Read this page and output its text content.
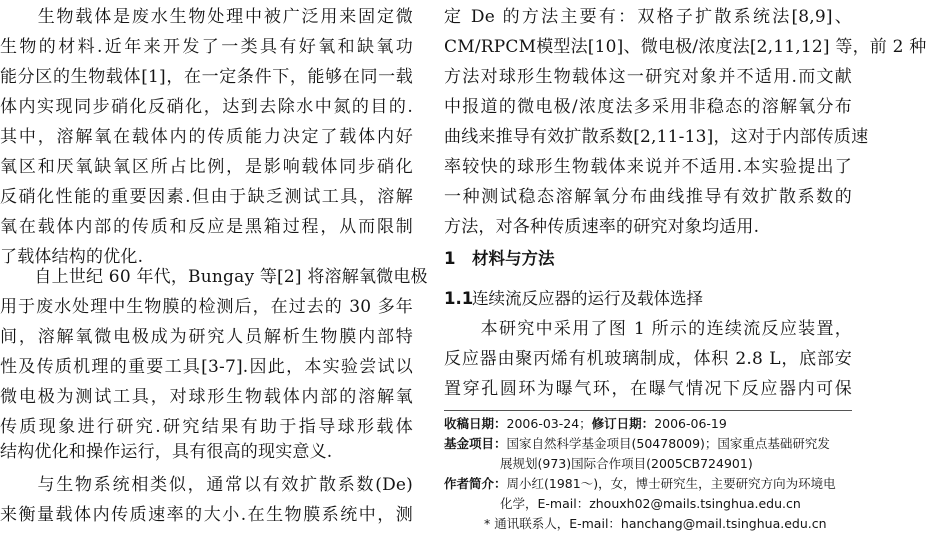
　　生物载体是废水生物处理中被广泛用来固定微
生物的材料.近年来开发了一类具有好氧和缺氧功
能分区的生物载体[1]，在一定条件下，能够在同一载
体内实现同步硝化反硝化，达到去除水中氮的目的.
其中，溶解氧在载体内的传质能力决定了载体内好
氧区和厌氧缺氧区所占比例，是影响载体同步硝化
反硝化性能的重要因素.但由于缺乏测试工具，溶解
氧在载体内部的传质和反应是黑箱过程，从而限制
了载体结构的优化.
　　自上世纪 60 年代，Bungay 等[2] 将溶解氧微电极
用于废水处理中生物膜的检测后，在过去的 30 多年
间，溶解氧微电极成为研究人员解析生物膜内部特
性及传质机理的重要工具[3-7].因此，本实验尝试以
微电极为测试工具，对球形生物载体内部的溶解氧
传质现象进行研究.研究结果有助于指导球形载体
结构优化和操作运行，具有很高的现实意义.
　　与生物系统相类似，通常以有效扩散系数(De)
来衡量载体内传质速率的大小.在生物膜系统中，测
定 De 的方法主要有：双格子扩散系统法[8,9]、
CM/RPCM模型法[10]、微电极/浓度法[2,11,12] 等，前 2 种
方法对球形生物载体这一研究对象并不适用.而文献
中报道的微电极/浓度法多采用非稳态的溶解氧分布
曲线来推导有效扩散系数[2,11-13]，这对于内部传质速
率较快的球形生物载体来说并不适用.本实验提出了
一种测试稳态溶解氧分布曲线推导有效扩散系数的
方法，对各种传质速率的研究对象均适用.
1 材料与方法
1.1连续流反应器的运行及载体选择
　　本研究中采用了图 1 所示的连续流反应装置，
反应器由聚丙烯有机玻璃制成，体积 2.8 L，底部安
置穿孔圆环为曝气环，在曝气情况下反应器内可保
收稿日期：2006-03-24；修订日期：2006-06-19
基金项目：国家自然科学基金项目(50478009)；国家重点基础研究发
展规划(973)国际合作项目(2005CB724901)
作者简介：周小红(1981～)，女，博士研究生，主要研究方向为环境电
化学，E-mail：zhouxh02@mails.tsinghua.edu.cn
* 通讯联系人，E-mail：hanchang@mail.tsinghua.edu.cn
